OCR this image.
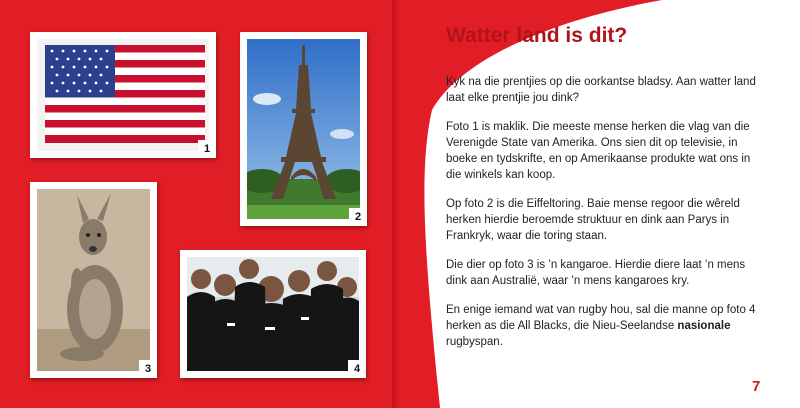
1
2
3	4
Watter land is dit?

Kyk na die prentjies op die oorkantse bladsy. Aan watter land laat elke prentjie jou dink?

Foto 1 is maklik. Die meeste mense herken die vlag van die Verenigde State van Amerika. Ons sien dit op televisie, in boeke en tydskrifte, en op Amerikaanse produkte wat ons in die winkels kan koop.

Op foto 2 is die Eiffeltoring. Baie mense regoor die wêreld herken hierdie beroemde struktuur en dink aan Parys in Frankryk, waar die toring staan.

Die dier op foto 3 is ’n kangaroe. Hierdie diere laat ’n mens dink aan Australië, waar ’n mens kangaroes kry.

En enige iemand wat van rugby hou, sal die manne op foto 4 herken as die All Blacks, die Nieu-Seelandse nasionale rugbyspan.

7
